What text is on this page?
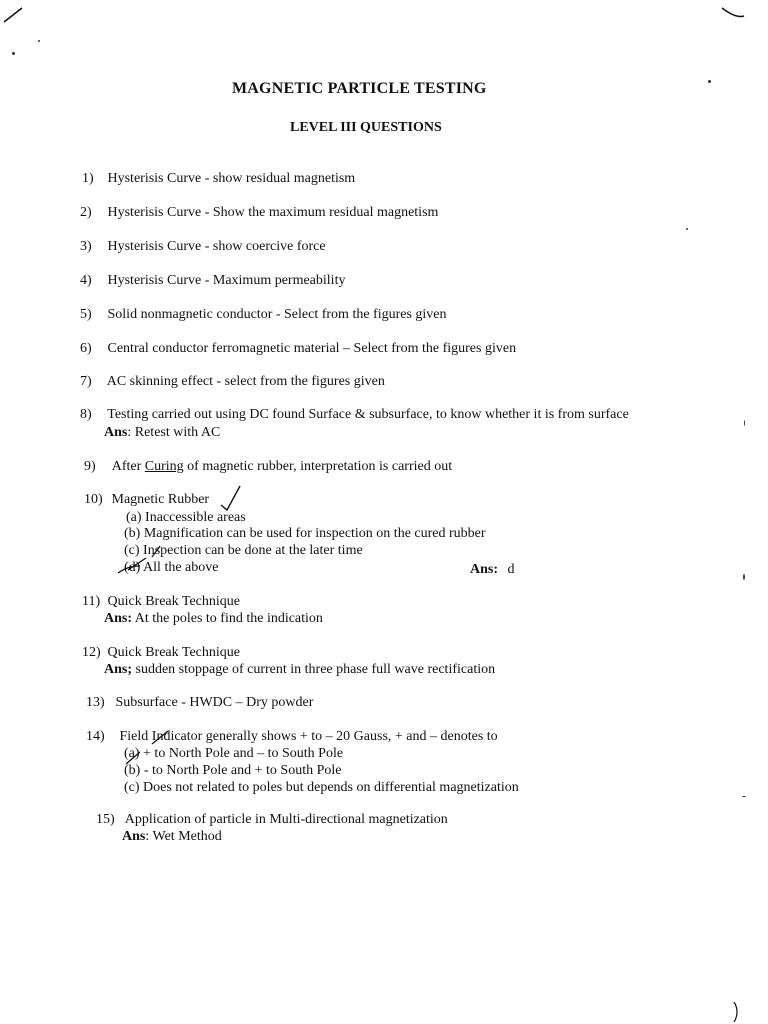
MAGNETIC PARTICLE TESTING
LEVEL III QUESTIONS
1) Hysterisis Curve - show residual magnetism
2) Hysterisis Curve - Show the maximum residual magnetism
3) Hysterisis Curve - show coercive force
4) Hysterisis Curve - Maximum permeability
5) Solid nonmagnetic conductor - Select from the figures given
6) Central conductor ferromagnetic material – Select from the figures given
7) AC skinning effect - select from the figures given
8) Testing carried out using DC found Surface & subsurface, to know whether it is from surface
Ans: Retest with AC
9) After Curing of magnetic rubber, interpretation is carried out
10) Magnetic Rubber
(a) Inaccessible areas
(b) Magnification can be used for inspection on the cured rubber
(c) Inspection can be done at the later time
(d) All the above	Ans: d
11) Quick Break Technique
Ans: At the poles to find the indication
12) Quick Break Technique
Ans; sudden stoppage of current in three phase full wave rectification
13) Subsurface - HWDC – Dry powder
14) Field Indicator generally shows + to – 20 Gauss, + and – denotes to
(a) + to North Pole and – to South Pole
(b) - to North Pole and + to South Pole
(c) Does not related to poles but depends on differential magnetization
15) Application of particle in Multi-directional magnetization
Ans: Wet Method
